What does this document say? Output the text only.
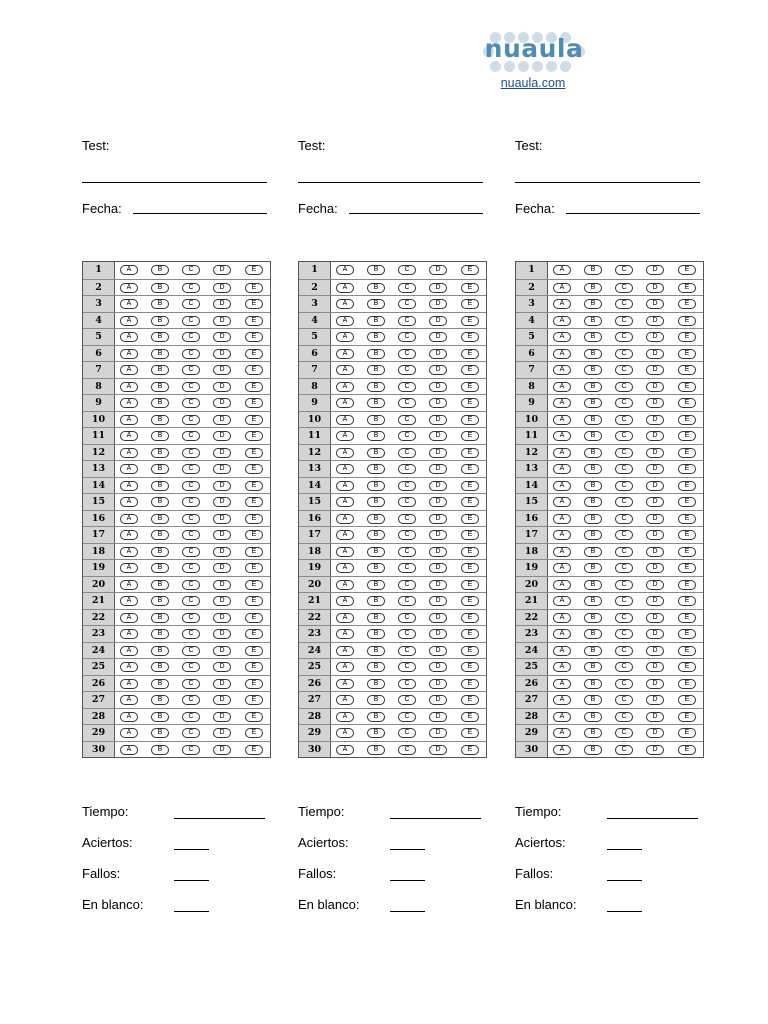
nuaula
nuaula.com
Test:
Fecha:
1	A	B	C	D	E
2	A	B	C	D	E
3	A	B	C	D	E
4	A	B	C	D	E
5	A	B	C	D	E
6	A	B	C	D	E
7	A	B	C	D	E
8	A	B	C	D	E
9	A	B	C	D	E
10	A	B	C	D	E
11	A	B	C	D	E
12	A	B	C	D	E
13	A	B	C	D	E
14	A	B	C	D	E
15	A	B	C	D	E
16	A	B	C	D	E
17	A	B	C	D	E
18	A	B	C	D	E
19	A	B	C	D	E
20	A	B	C	D	E
21	A	B	C	D	E
22	A	B	C	D	E
23	A	B	C	D	E
24	A	B	C	D	E
25	A	B	C	D	E
26	A	B	C	D	E
27	A	B	C	D	E
28	A	B	C	D	E
29	A	B	C	D	E
30	A	B	C	D	E
Tiempo:
Aciertos:
Fallos:
En blanco:
Test:
Fecha:
1	A	B	C	D	E
2	A	B	C	D	E
3	A	B	C	D	E
4	A	B	C	D	E
5	A	B	C	D	E
6	A	B	C	D	E
7	A	B	C	D	E
8	A	B	C	D	E
9	A	B	C	D	E
10	A	B	C	D	E
11	A	B	C	D	E
12	A	B	C	D	E
13	A	B	C	D	E
14	A	B	C	D	E
15	A	B	C	D	E
16	A	B	C	D	E
17	A	B	C	D	E
18	A	B	C	D	E
19	A	B	C	D	E
20	A	B	C	D	E
21	A	B	C	D	E
22	A	B	C	D	E
23	A	B	C	D	E
24	A	B	C	D	E
25	A	B	C	D	E
26	A	B	C	D	E
27	A	B	C	D	E
28	A	B	C	D	E
29	A	B	C	D	E
30	A	B	C	D	E
Tiempo:
Aciertos:
Fallos:
En blanco:
Test:
Fecha:
1	A	B	C	D	E
2	A	B	C	D	E
3	A	B	C	D	E
4	A	B	C	D	E
5	A	B	C	D	E
6	A	B	C	D	E
7	A	B	C	D	E
8	A	B	C	D	E
9	A	B	C	D	E
10	A	B	C	D	E
11	A	B	C	D	E
12	A	B	C	D	E
13	A	B	C	D	E
14	A	B	C	D	E
15	A	B	C	D	E
16	A	B	C	D	E
17	A	B	C	D	E
18	A	B	C	D	E
19	A	B	C	D	E
20	A	B	C	D	E
21	A	B	C	D	E
22	A	B	C	D	E
23	A	B	C	D	E
24	A	B	C	D	E
25	A	B	C	D	E
26	A	B	C	D	E
27	A	B	C	D	E
28	A	B	C	D	E
29	A	B	C	D	E
30	A	B	C	D	E
Tiempo:
Aciertos:
Fallos:
En blanco:
